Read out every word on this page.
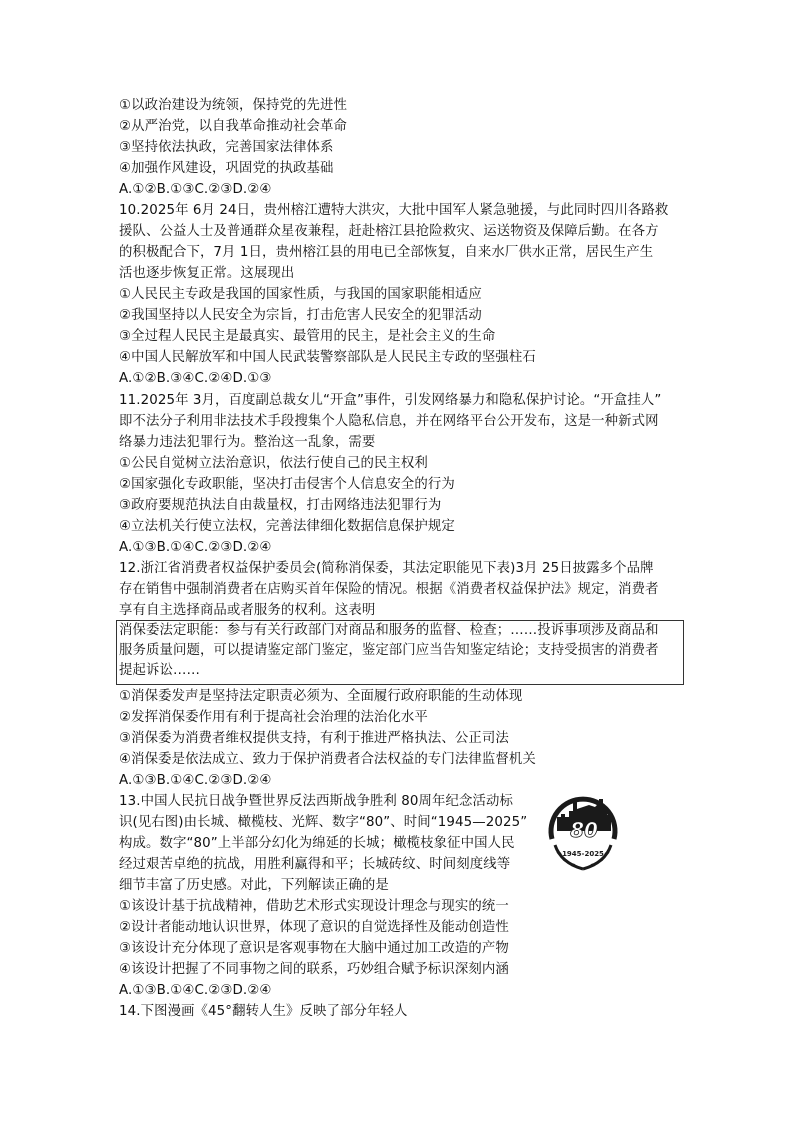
①以政治建设为统领，保持党的先进性
②从严治党，以自我革命推动社会革命
③坚持依法执政，完善国家法律体系
④加强作风建设，巩固党的执政基础
A.①②B.①③C.②③D.②④
10.2025年 6月 24日，贵州榕江遭特大洪灾，大批中国军人紧急驰援，与此同时四川各路救
援队、公益人士及普通群众星夜兼程，赶赴榕江县抢险救灾、运送物资及保障后勤。在各方
的积极配合下，7月 1日，贵州榕江县的用电已全部恢复，自来水厂供水正常，居民生产生
活也逐步恢复正常。这展现出
①人民民主专政是我国的国家性质，与我国的国家职能相适应
②我国坚持以人民安全为宗旨，打击危害人民安全的犯罪活动
③全过程人民民主是最真实、最管用的民主，是社会主义的生命
④中国人民解放军和中国人民武装警察部队是人民民主专政的坚强柱石
A.①②B.③④C.②④D.①③
11.2025年 3月，百度副总裁女儿“开盒”事件，引发网络暴力和隐私保护讨论。“开盒挂人”
即不法分子利用非法技术手段搜集个人隐私信息，并在网络平台公开发布，这是一种新式网
络暴力违法犯罪行为。整治这一乱象，需要
①公民自觉树立法治意识，依法行使自己的民主权利
②国家强化专政职能，坚决打击侵害个人信息安全的行为
③政府要规范执法自由裁量权，打击网络违法犯罪行为
④立法机关行使立法权，完善法律细化数据信息保护规定
A.①③B.①④C.②③D.②④
12.浙江省消费者权益保护委员会(简称消保委，其法定职能见下表)3月 25日披露多个品牌
存在销售中强制消费者在店购买首年保险的情况。根据《消费者权益保护法》规定，消费者
享有自主选择商品或者服务的权利。这表明
消保委法定职能：参与有关行政部门对商品和服务的监督、检查；……投诉事项涉及商品和
服务质量问题，可以提请鉴定部门鉴定，鉴定部门应当告知鉴定结论；支持受损害的消费者
提起诉讼……
①消保委发声是坚持法定职责必须为、全面履行政府职能的生动体现
②发挥消保委作用有利于提高社会治理的法治化水平
③消保委为消费者维权提供支持，有利于推进严格执法、公正司法
④消保委是依法成立、致力于保护消费者合法权益的专门法律监督机关
A.①③B.①④C.②③D.②④
13.中国人民抗日战争暨世界反法西斯战争胜利 80周年纪念活动标
识(见右图)由长城、橄榄枝、光辉、数字“80”、时间“1945—2025”
构成。数字“80”上半部分幻化为绵延的长城；橄榄枝象征中国人民
经过艰苦卓绝的抗战，用胜利赢得和平；长城砖纹、时间刻度线等
细节丰富了历史感。对此，下列解读正确的是
①该设计基于抗战精神，借助艺术形式实现设计理念与现实的统一
②设计者能动地认识世界，体现了意识的自觉选择性及能动创造性
③该设计充分体现了意识是客观事物在大脑中通过加工改造的产物
④该设计把握了不同事物之间的联系，巧妙组合赋予标识深刻内涵
A.①③B.①④C.②③D.②④
14.下图漫画《45°翻转人生》反映了部分年轻人
80
1945-2025
